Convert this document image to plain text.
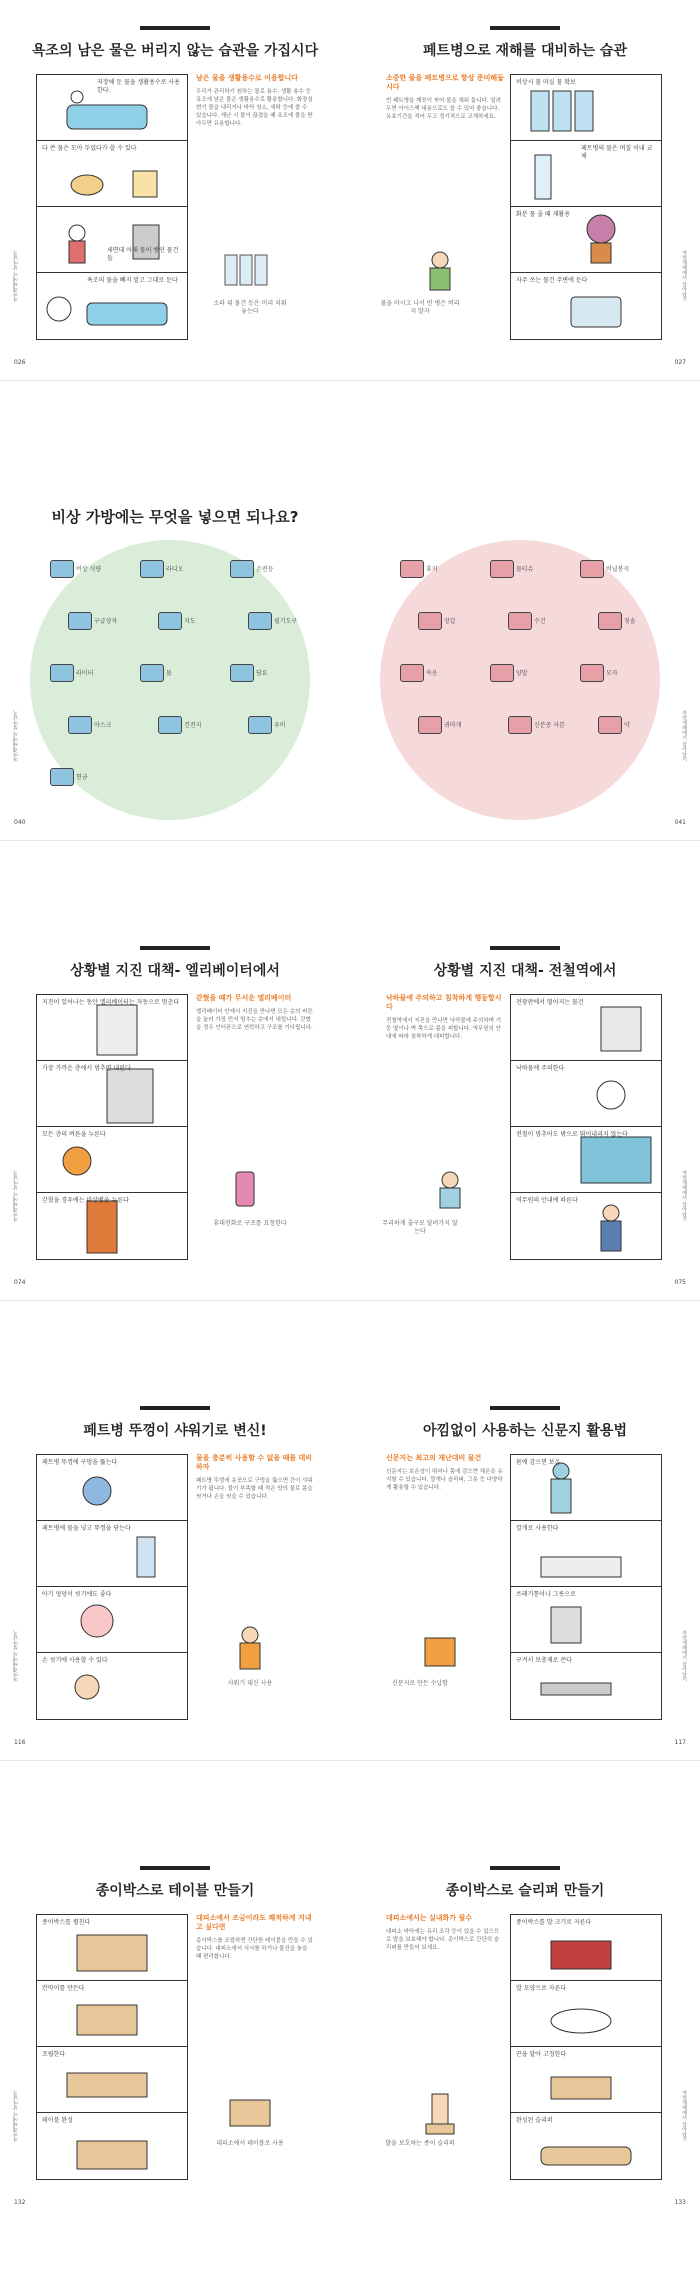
욕조의 남은 물은 버리지 않는 습관을 가집시다
저장해 둔 물을 생활용수로 사용한다.
다 쓴 물은 모아 두었다가 쓸 수 있다
세면대 아래 물이 쌓인 물건들
욕조의 물을 빼지 말고 그대로 둔다
남은 물을 생활용수로 이용합니다
우리가 관리하기 원하는 물로 용수, 생활 용수 등 욕조에 남은 물은 생활용수로 활용합니다. 화장실 변기 물을 내리거나 바닥 청소, 세탁 등에 쓸 수 있습니다. 재난 시 물이 끊겼을 때 욕조에 물을 받아두면 유용합니다.
소파 위 물건 등은 미리 치워 놓는다
자연재해에서 살아남기
026
페트병으로 재해를 대비하는 습관
소중한 물을 페트병으로 항상 준비해둡시다
빈 페트병을 깨끗이 씻어 물을 채워 둡니다. 얼려 두면 아이스팩 대용으로도 쓸 수 있어 좋습니다. 유효기간을 적어 두고 정기적으로 교체하세요.
비상시 물 마실 물 확보
페트병의 물은 며칠 이내 교체
화분 물 줄 때 재활용
자주 쓰는 물건 주변에 둔다
물을 마시고 나서 빈 병은 버리지 말자
자연재해에서 살아남기
027
비상 가방에는 무엇을 넣으면 되나요?
비상 식량	라디오	손전등
구급상자	지도	필기도구
라이터	물	담요
마스크	건전지	우비
현금
자연재해에서 살아남기
040
휴지	물티슈	비닐봉지
장갑	수건	칫솔
속옷	양말	모자
귀마개	신분증 사본	약	자연재해에서 살아남기
041
상황별 지진 대책- 엘리베이터에서
지진이 일어나는 동안 엘리베이터는 자동으로 멈춘다
가장 가까운 층에서 멈추면 내린다
모든 층의 버튼을 누른다
갇혔을 경우에는 비상벨을 누른다
갇혔을 때가 무서운 엘리베이터
엘리베이터 안에서 지진을 만나면 모든 층의 버튼을 눌러 가장 먼저 멈추는 층에서 내립니다. 갇혔을 경우 인터폰으로 연락하고 구조를 기다립니다.
휴대전화로 구조를 요청한다
자연재해에서 살아남기
074
상황별 지진 대책- 전철역에서
낙하물에 주의하고 침착하게 행동합시다
전철역에서 지진을 만나면 낙하물에 주의하며 기둥 옆이나 벽 쪽으로 몸을 피합니다. 역무원의 안내에 따라 침착하게 대피합니다.
전광판에서 떨어지는 물건
낙하물에 주의한다
전철이 멈추어도 밖으로 뛰어내리지 않는다
역무원의 안내에 따른다
무리하게 출구로 달려가지 않는다
자연재해에서 살아남기
075
페트병 뚜껑이 샤워기로 변신!
페트병 뚜껑에 구멍을 뚫는다
페트병에 물을 넣고 뚜껑을 닫는다
아기 엉덩이 씻기에도 좋다
손 씻기에 사용할 수 있다
물을 충분히 사용할 수 없을 때를 대비하자
페트병 뚜껑에 송곳으로 구멍을 뚫으면 간이 샤워기가 됩니다. 물이 부족할 때 적은 양의 물로 몸을 씻거나 손을 씻을 수 있습니다.
샤워기 대신 사용
자연재해에서 살아남기
116
아낌없이 사용하는 신문지 활용법
신문지는 최고의 재난대비 물건
신문지는 보온성이 뛰어나 몸에 감으면 체온을 유지할 수 있습니다. 깔개나 슬리퍼, 그릇 등 다양하게 활용할 수 있습니다.
몸에 감으면 보온
깔개로 사용한다
쓰레기통이나 그릇으로
구겨서 보충재로 쓴다
신문지로 만든 수납함
자연재해에서 살아남기
117
종이박스로 테이블 만들기
종이박스를 펼친다
칸막이를 만든다
조립한다
테이블 완성
대피소에서 조금이라도 쾌적하게 지내고 싶다면
종이박스를 조립하면 간단한 테이블을 만들 수 있습니다. 대피소에서 식사를 하거나 물건을 놓을 때 편리합니다.
대피소에서 테이블로 사용
자연재해에서 살아남기
132
종이박스로 슬리퍼 만들기
대피소에서는 실내화가 필수
대피소 바닥에는 유리 조각 등이 있을 수 있으므로 발을 보호해야 합니다. 종이박스로 간단히 슬리퍼를 만들어 보세요.
종이박스를 발 크기로 자른다
발 모양으로 자른다
끈을 달아 고정한다
완성된 슬리퍼
발을 보호하는 종이 슬리퍼
자연재해에서 살아남기
133
